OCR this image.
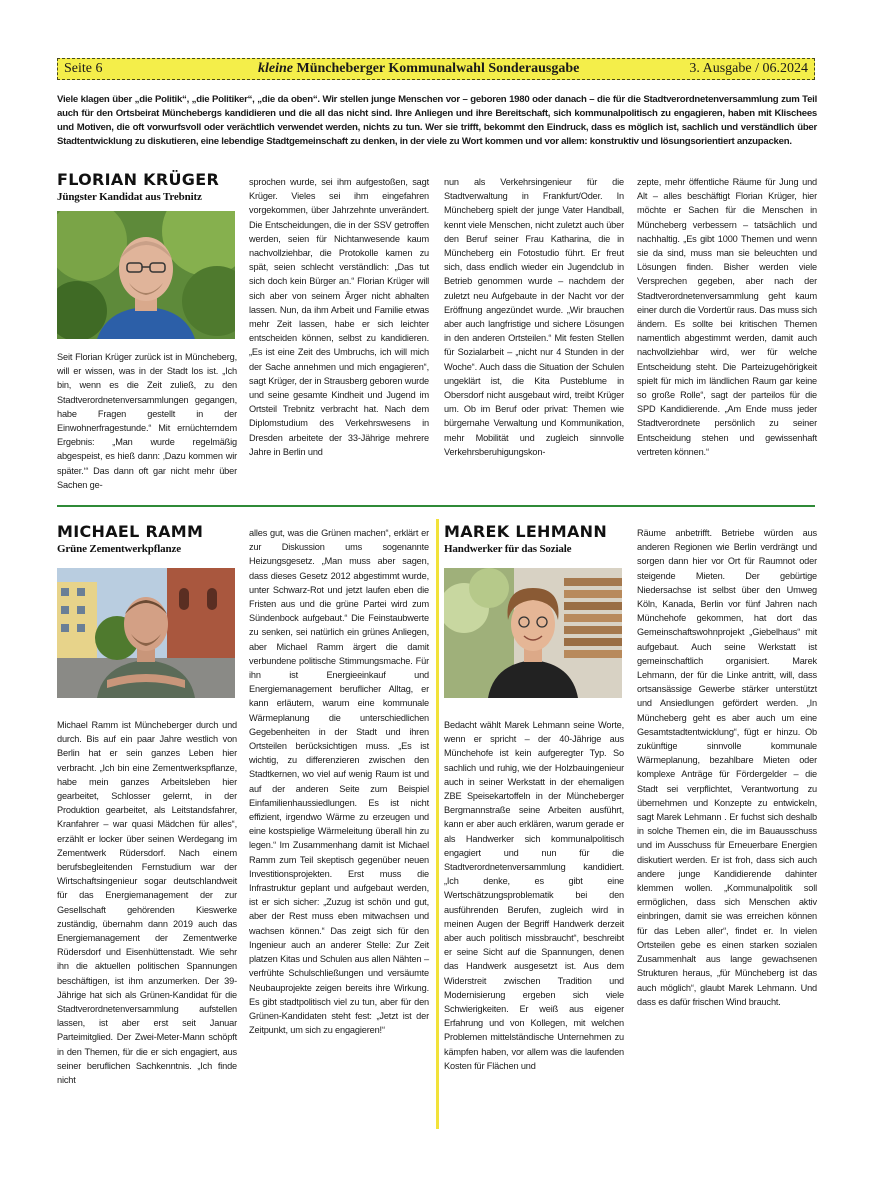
Seite 6	kleine Müncheberger Kommunalwahl Sonderausgabe	3. Ausgabe / 06.2024
Viele klagen über „die Politik“, „die Politiker“, „die da oben“. Wir stellen junge Menschen vor – geboren 1980 oder danach – die für die Stadtverordnetenversammlung zum Teil auch für den Ortsbeirat Münchebergs kandidieren und die all das nicht sind. Ihre Anliegen und ihre Bereitschaft, sich kommunalpolitisch zu engagieren, haben mit Klischees und Motiven, die oft vorwurfsvoll oder verächtlich verwendet werden, nichts zu tun. Wer sie trifft, bekommt den Eindruck, dass es möglich ist, sachlich und verständlich über Stadtentwicklung zu diskutieren, eine lebendige Stadtgemeinschaft zu denken, in der viele zu Wort kommen und vor allem: konstruktiv und lösungsorientiert anzupacken.
FLORIAN KRÜGER
Jüngster Kandidat aus Trebnitz
Seit Florian Krüger zurück ist in Müncheberg, will er wissen, was in der Stadt los ist. „Ich bin, wenn es die Zeit zuließ, zu den Stadtverordnetenversammlungen gegangen, habe Fragen gestellt in der Einwohnerfragestunde.“ Mit ernüchterndem Ergebnis: „Man wurde regelmäßig abgespeist, es hieß dann: ‚Dazu kommen wir später.‘“ Das dann oft gar nicht mehr über Sachen ge-
sprochen wurde, sei ihm aufgestoßen, sagt Krüger. Vieles sei ihm eingefahren vorgekommen, über Jahrzehnte unverändert. Die Entscheidungen, die in der SSV getroffen werden, seien für Nichtanwesende kaum nachvollziehbar, die Protokolle kamen zu spät, seien schlecht verständlich: „Das tut sich doch kein Bürger an.“ Florian Krüger will sich aber von seinem Ärger nicht abhalten lassen. Nun, da ihm Arbeit und Familie etwas mehr Zeit lassen, habe er sich leichter entscheiden können, selbst zu kandidieren. „Es ist eine Zeit des Umbruchs, ich will mich der Sache annehmen und mich engagieren“, sagt Krüger, der in Strausberg geboren wurde und seine gesamte Kindheit und Jugend im Ortsteil Trebnitz verbracht hat. Nach dem Diplomstudium des Verkehrswesens in Dresden arbeitete der 33-Jährige mehrere Jahre in Berlin und
nun als Verkehrsingenieur für die Stadtverwaltung in Frankfurt/Oder. In Müncheberg spielt der junge Vater Handball, kennt viele Menschen, nicht zuletzt auch über den Beruf seiner Frau Katharina, die in Müncheberg ein Fotostudio führt. Er freut sich, dass endlich wieder ein Jugendclub in Betrieb genommen wurde – nachdem der zuletzt neu Aufgebaute in der Nacht vor der Eröffnung angezündet wurde. „Wir brauchen aber auch langfristige und sichere Lösungen in den anderen Ortsteilen.“ Mit festen Stellen für Sozialarbeit – „nicht nur 4 Stunden in der Woche“. Auch dass die Situation der Schulen ungeklärt ist, die Kita Pusteblume in Obersdorf nicht ausgebaut wird, treibt Krüger um. Ob im Beruf oder privat: Themen wie bürgernahe Verwaltung und Kommunikation, mehr Mobilität und zugleich sinnvolle Verkehrsberuhigungskon-
zepte, mehr öffentliche Räume für Jung und Alt – alles beschäftigt Florian Krüger, hier möchte er Sachen für die Menschen in Müncheberg verbessern – tatsächlich und nachhaltig. „Es gibt 1000 Themen und wenn sie da sind, muss man sie beleuchten und Lösungen finden. Bisher werden viele Versprechen gegeben, aber nach der Stadtverordnetenversammlung geht kaum einer durch die Vordertür raus. Das muss sich ändern. Es sollte bei kritischen Themen namentlich abgestimmt werden, damit auch nachvollziehbar wird, wer für welche Entscheidung steht. Die Parteizugehörigkeit spielt für mich im ländlichen Raum gar keine so große Rolle“, sagt der parteilos für die SPD Kandidierende. „Am Ende muss jeder Stadtverordnete persönlich zu seiner Entscheidung stehen und gewissenhaft vertreten können.“
MICHAEL RAMM
Grüne Zementwerkpflanze
Michael Ramm ist Müncheberger durch und durch. Bis auf ein paar Jahre westlich von Berlin hat er sein ganzes Leben hier verbracht. „Ich bin eine Zementwerkspflanze, habe mein ganzes Arbeitsleben hier gearbeitet, Schlosser gelernt, in der Produktion gearbeitet, als Leitstandsfahrer, Kranfahrer – war quasi Mädchen für alles“, erzählt er locker über seinen Werdegang im Zementwerk Rüdersdorf. Nach einem berufsbegleitenden Fernstudium war der Wirtschaftsingenieur sogar deutschlandweit für das Energiemanagement der zur Gesellschaft gehörenden Kieswerke zuständig, übernahm dann 2019 auch das Energiemanagement der Zementwerke Rüdersdorf und Eisenhüttenstadt. Wie sehr ihn die aktuellen politischen Spannungen beschäftigen, ist ihm anzumerken. Der 39-Jährige hat sich als Grünen-Kandidat für die Stadtverordnetenversammlung aufstellen lassen, ist aber erst seit Januar Parteimitglied. Der Zwei-Meter-Mann schöpft in den Themen, für die er sich engagiert, aus seiner beruflichen Sachkenntnis. „Ich finde nicht
alles gut, was die Grünen machen“, erklärt er zur Diskussion ums sogenannte Heizungsgesetz. „Man muss aber sagen, dass dieses Gesetz 2012 abgestimmt wurde, unter Schwarz-Rot und jetzt laufen eben die Fristen aus und die grüne Partei wird zum Sündenbock aufgebaut.“ Die Feinstaubwerte zu senken, sei natürlich ein grünes Anliegen, aber Michael Ramm ärgert die damit verbundene politische Stimmungsmache. Für ihn ist Energieeinkauf und Energiemanagement beruflicher Alltag, er kann erläutern, warum eine kommunale Wärmeplanung die unterschiedlichen Gegebenheiten in der Stadt und ihren Ortsteilen berücksichtigen muss. „Es ist wichtig, zu differenzieren zwischen den Stadtkernen, wo viel auf wenig Raum ist und auf der anderen Seite zum Beispiel Einfamilienhaussiedlungen. Es ist nicht effizient, irgendwo Wärme zu erzeugen und eine kostspielige Wärmeleitung überall hin zu legen.“ Im Zusammenhang damit ist Michael Ramm zum Teil skeptisch gegenüber neuen Investitionsprojekten. Erst muss die Infrastruktur geplant und aufgebaut werden, ist er sich sicher: „Zuzug ist schön und gut, aber der Rest muss eben mitwachsen und wachsen können.“ Das zeigt sich für den Ingenieur auch an anderer Stelle: Zur Zeit platzen Kitas und Schulen aus allen Nähten – verfrühte Schulschließungen und versäumte Neubauprojekte zeigen bereits ihre Wirkung. Es gibt stadtpolitisch viel zu tun, aber für den Grünen-Kandidaten steht fest: „Jetzt ist der Zeitpunkt, um sich zu engagieren!“
MAREK LEHMANN
Handwerker für das Soziale
Bedacht wählt Marek Lehmann seine Worte, wenn er spricht – der 40-Jährige aus Münchehofe ist kein aufgeregter Typ. So sachlich und ruhig, wie der Holzbauingenieur auch in seiner Werkstatt in der ehemaligen ZBE Speisekartoffeln in der Müncheberger Bergmannstraße seine Arbeiten ausführt, kann er aber auch erklären, warum gerade er als Handwerker sich kommunalpolitisch engagiert und nun für die Stadtverordnetenversammlung kandidiert. „Ich denke, es gibt eine Wertschätzungsproblematik bei den ausführenden Berufen, zugleich wird in meinen Augen der Begriff Handwerk derzeit aber auch politisch missbraucht“, beschreibt er seine Sicht auf die Spannungen, denen das Handwerk ausgesetzt ist. Aus dem Widerstreit zwischen Tradition und Modernisierung ergeben sich viele Schwierigkeiten. Er weiß aus eigener Erfahrung und von Kollegen, mit welchen Problemen mittelständische Unternehmen zu kämpfen haben, vor allem was die laufenden Kosten für Flächen und
Räume anbetrifft. Betriebe würden aus anderen Regionen wie Berlin verdrängt und sorgen dann hier vor Ort für Raumnot oder steigende Mieten. Der gebürtige Niedersachse ist selbst über den Umweg Köln, Kanada, Berlin vor fünf Jahren nach Münchehofe gekommen, hat dort das Gemeinschaftswohnprojekt „Giebelhaus“ mit aufgebaut. Auch seine Werkstatt ist gemeinschaftlich organisiert. Marek Lehmann, der für die Linke antritt, will, dass ortsansässige Gewerbe stärker unterstützt und Ansiedlungen gefördert werden. „In Müncheberg geht es aber auch um eine Gesamtstadtentwicklung“, fügt er hinzu. Ob zukünftige sinnvolle kommunale Wärmeplanung, bezahlbare Mieten oder komplexe Anträge für Fördergelder – die Stadt sei verpflichtet, Verantwortung zu übernehmen und Konzepte zu entwickeln, sagt Marek Lehmann . Er fuchst sich deshalb in solche Themen ein, die im Bauausschuss und im Ausschuss für Erneuerbare Energien diskutiert werden. Er ist froh, dass sich auch andere junge Kandidierende dahinter klemmen wollen. „Kommunalpolitik soll ermöglichen, dass sich Menschen aktiv einbringen, damit sie was erreichen können für das Leben aller“, findet er. In vielen Ortsteilen gebe es einen starken sozialen Zusammenhalt aus lange gewachsenen Strukturen heraus, „für Müncheberg ist das auch möglich“, glaubt Marek Lehmann. Und dass es dafür frischen Wind braucht.
